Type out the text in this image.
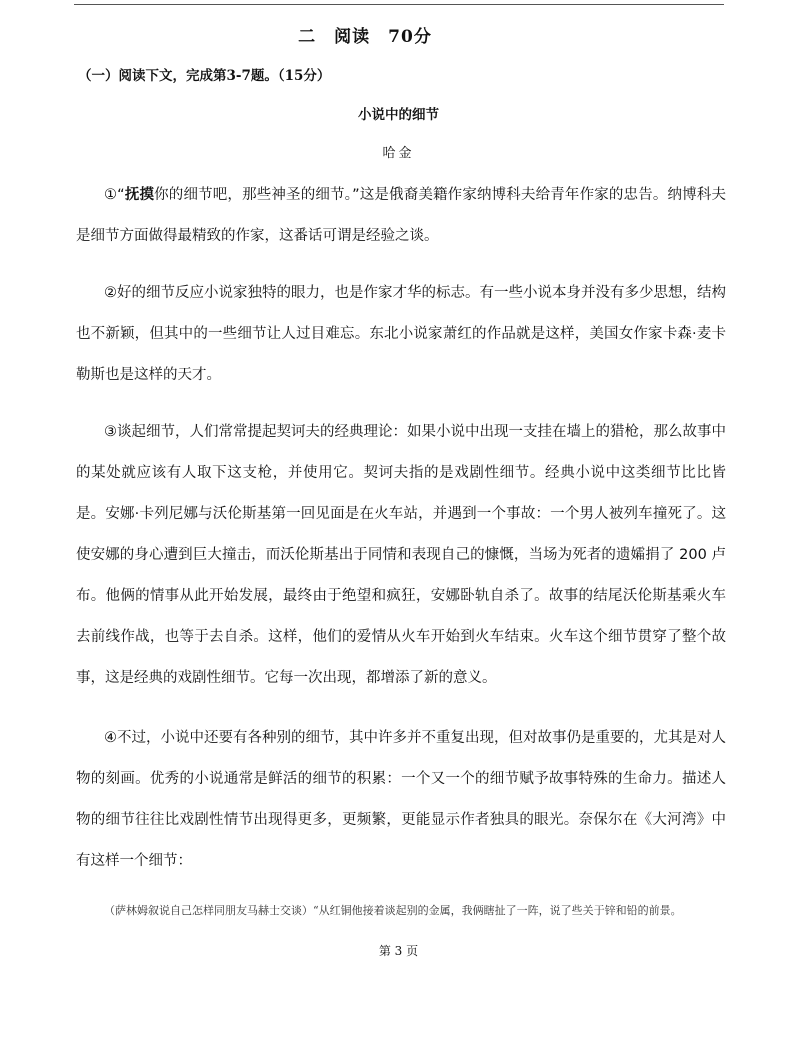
二　阅读　70分
（一）阅读下文，完成第3-7题。（15分）
小说中的细节
哈金

①“抚摸你的细节吧，那些神圣的细节。”这是俄裔美籍作家纳博科夫给青年作家的忠告。纳博科夫是细节方面做得最精致的作家，这番话可谓是经验之谈。

②好的细节反应小说家独特的眼力，也是作家才华的标志。有一些小说本身并没有多少思想，结构也不新颖，但其中的一些细节让人过目难忘。东北小说家萧红的作品就是这样，美国女作家卡森·麦卡勒斯也是这样的天才。

③谈起细节，人们常常提起契诃夫的经典理论：如果小说中出现一支挂在墙上的猎枪，那么故事中的某处就应该有人取下这支枪，并使用它。契诃夫指的是戏剧性细节。经典小说中这类细节比比皆是。安娜·卡列尼娜与沃伦斯基第一回见面是在火车站，并遇到一个事故：一个男人被列车撞死了。这使安娜的身心遭到巨大撞击，而沃伦斯基出于同情和表现自己的慷慨，当场为死者的遗孀捐了 200 卢布。他俩的情事从此开始发展，最终由于绝望和疯狂，安娜卧轨自杀了。故事的结尾沃伦斯基乘火车去前线作战，也等于去自杀。这样，他们的爱情从火车开始到火车结束。火车这个细节贯穿了整个故事，这是经典的戏剧性细节。它每一次出现，都增添了新的意义。

④不过，小说中还要有各种别的细节，其中许多并不重复出现，但对故事仍是重要的，尤其是对人物的刻画。优秀的小说通常是鲜活的细节的积累：一个又一个的细节赋予故事特殊的生命力。描述人物的细节往往比戏剧性情节出现得更多，更频繁，更能显示作者独具的眼光。奈保尔在《大河湾》中有这样一个细节：

（萨林姆叙说自己怎样同朋友马赫士交谈）“从红铜他接着谈起别的金属，我俩瞎扯了一阵，说了些关于锌和铅的前景。
第 3 页
